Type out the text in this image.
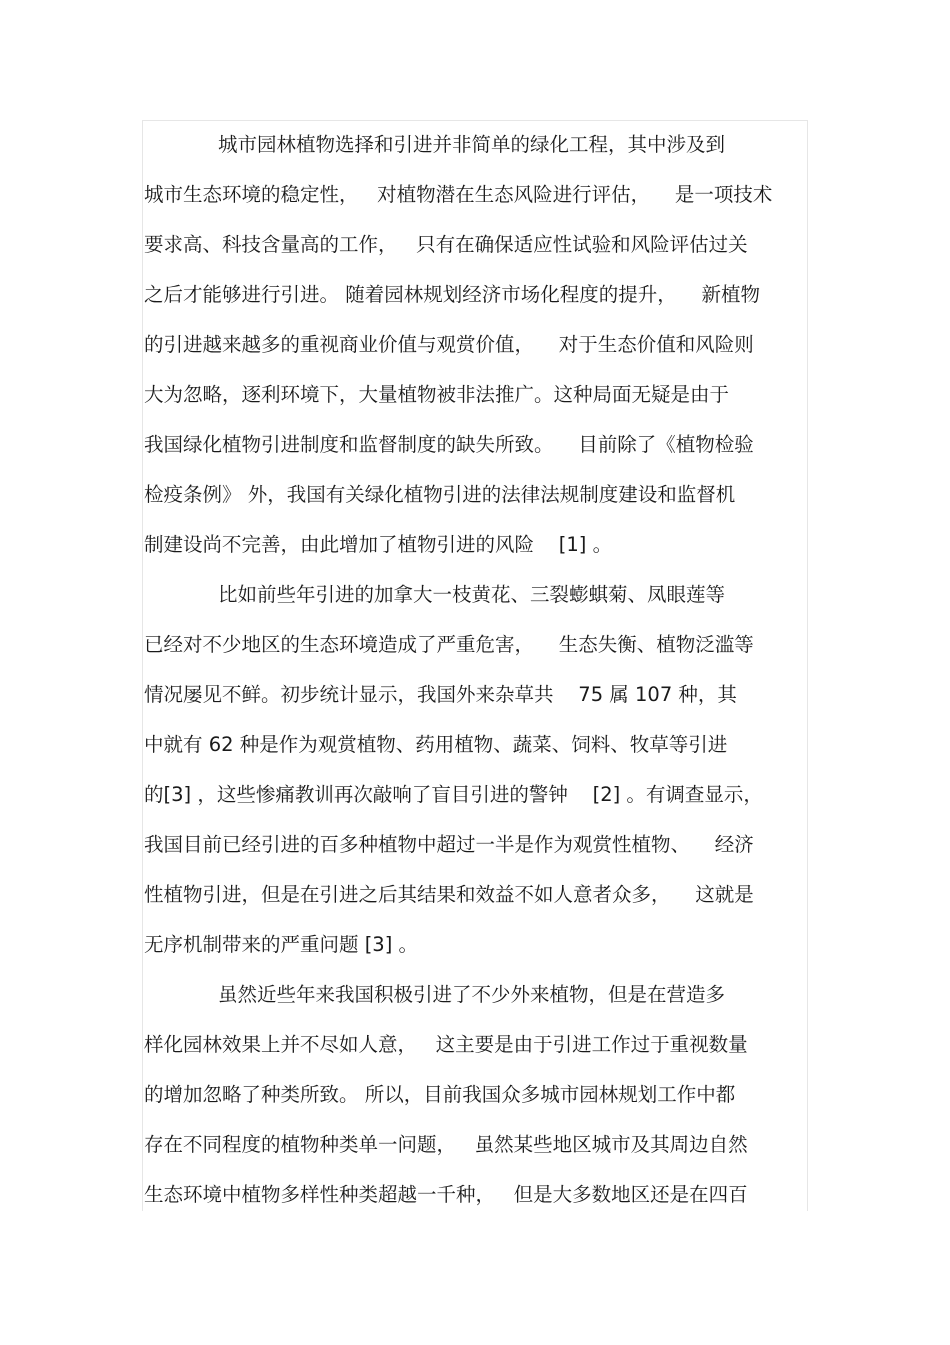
城市园林植物选择和引进并非简单的绿化工程，其中涉及到
城市生态环境的稳定性，   对植物潜在生态风险进行评估，    是一项技术
要求高、科技含量高的工作，   只有在确保适应性试验和风险评估过关
之后才能够进行引进。 随着园林规划经济市场化程度的提升，    新植物
的引进越来越多的重视商业价值与观赏价值，    对于生态价值和风险则
大为忽略，逐利环境下，大量植物被非法推广。这种局面无疑是由于
我国绿化植物引进制度和监督制度的缺失所致。    目前除了《植物检验
检疫条例》 外，我国有关绿化植物引进的法律法规制度建设和监督机
制建设尚不完善，由此增加了植物引进的风险    [1] 。
比如前些年引进的加拿大一枝黄花、三裂蟛蜞菊、凤眼莲等
已经对不少地区的生态环境造成了严重危害，    生态失衡、植物泛滥等
情况屡见不鲜。初步统计显示，我国外来杂草共    75 属 107 种，其
中就有 62 种是作为观赏植物、药用植物、蔬菜、饲料、牧草等引进
的[3] ，这些惨痛教训再次敲响了盲目引进的警钟    [2] 。有调查显示，
我国目前已经引进的百多种植物中超过一半是作为观赏性植物、    经济
性植物引进，但是在引进之后其结果和效益不如人意者众多，    这就是
无序机制带来的严重问题 [3] 。
虽然近些年来我国积极引进了不少外来植物，但是在营造多
样化园林效果上并不尽如人意，   这主要是由于引进工作过于重视数量
的增加忽略了种类所致。 所以，目前我国众多城市园林规划工作中都
存在不同程度的植物种类单一问题，   虽然某些地区城市及其周边自然
生态环境中植物多样性种类超越一千种，   但是大多数地区还是在四百
